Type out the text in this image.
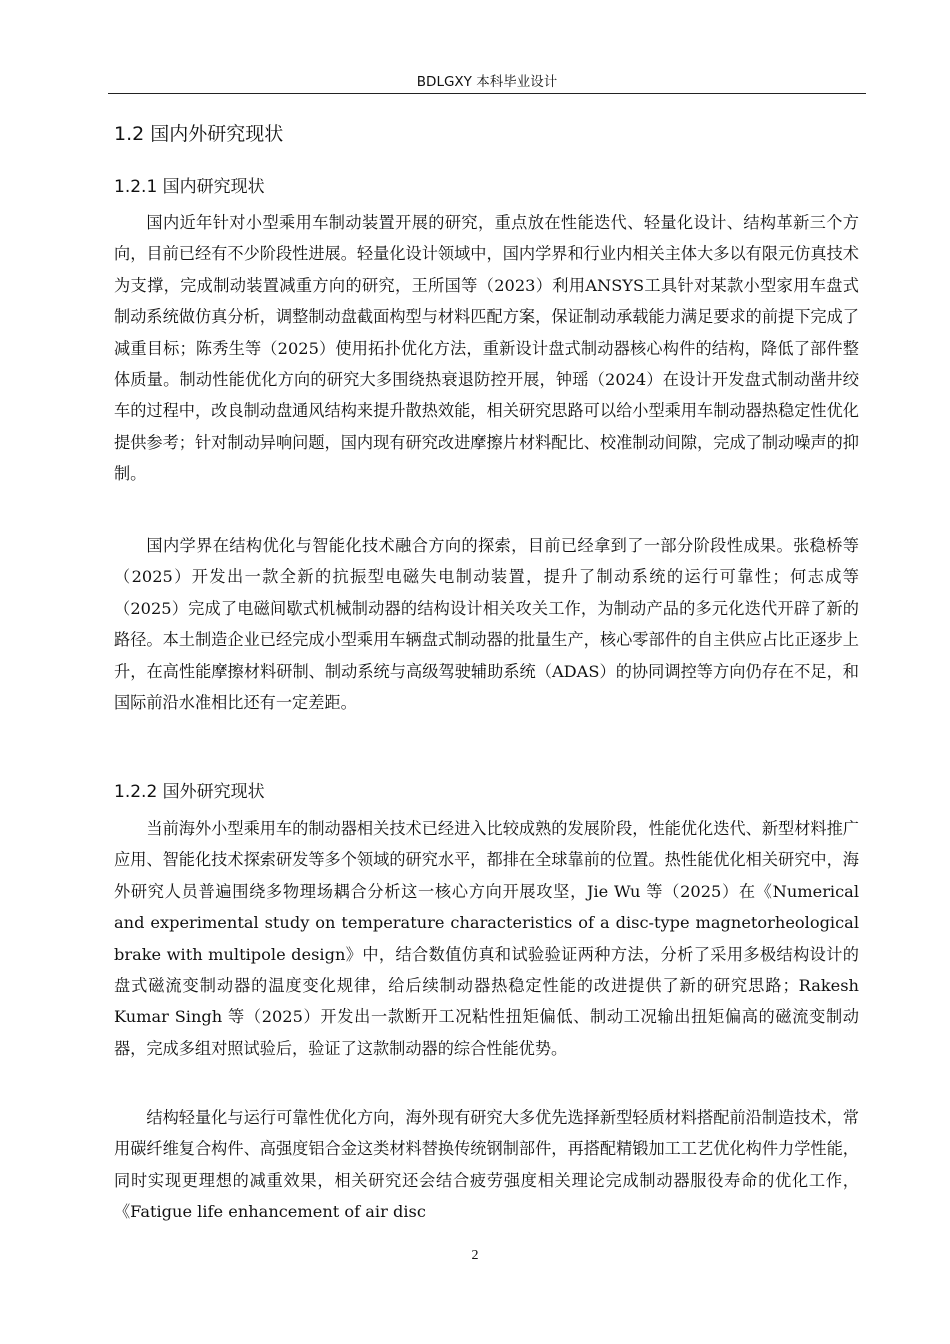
BDLGXY 本科毕业设计
1.2 国内外研究现状
1.2.1 国内研究现状

国内近年针对小型乘用车制动装置开展的研究，重点放在性能迭代、轻量化设计、结构革新三个方向，目前已经有不少阶段性进展。轻量化设计领域中，国内学界和行业内相关主体大多以有限元仿真技术为支撑，完成制动装置减重方向的研究，王所国等（2023）利用ANSYS工具针对某款小型家用车盘式制动系统做仿真分析，调整制动盘截面构型与材料匹配方案，保证制动承载能力满足要求的前提下完成了减重目标；陈秀生等（2025）使用拓扑优化方法，重新设计盘式制动器核心构件的结构，降低了部件整体质量。制动性能优化方向的研究大多围绕热衰退防控开展，钟瑶（2024）在设计开发盘式制动凿井绞车的过程中，改良制动盘通风结构来提升散热效能，相关研究思路可以给小型乘用车制动器热稳定性优化提供参考；针对制动异响问题，国内现有研究改进摩擦片材料配比、校准制动间隙，完成了制动噪声的抑制。

国内学界在结构优化与智能化技术融合方向的探索，目前已经拿到了一部分阶段性成果。张稳桥等（2025）开发出一款全新的抗振型电磁失电制动装置，提升了制动系统的运行可靠性；何志成等（2025）完成了电磁间歇式机械制动器的结构设计相关攻关工作，为制动产品的多元化迭代开辟了新的路径。本土制造企业已经完成小型乘用车辆盘式制动器的批量生产，核心零部件的自主供应占比正逐步上升，在高性能摩擦材料研制、制动系统与高级驾驶辅助系统（ADAS）的协同调控等方向仍存在不足，和国际前沿水准相比还有一定差距。

1.2.2 国外研究现状

当前海外小型乘用车的制动器相关技术已经进入比较成熟的发展阶段，性能优化迭代、新型材料推广应用、智能化技术探索研发等多个领域的研究水平，都排在全球靠前的位置。热性能优化相关研究中，海外研究人员普遍围绕多物理场耦合分析这一核心方向开展攻坚，Jie Wu 等（2025）在《Numerical and experimental study on temperature characteristics of a disc-type magnetorheological brake with multipole design》中，结合数值仿真和试验验证两种方法，分析了采用多极结构设计的盘式磁流变制动器的温度变化规律，给后续制动器热稳定性能的改进提供了新的研究思路；Rakesh Kumar Singh 等（2025）开发出一款断开工况粘性扭矩偏低、制动工况输出扭矩偏高的磁流变制动器，完成多组对照试验后，验证了这款制动器的综合性能优势。

结构轻量化与运行可靠性优化方向，海外现有研究大多优先选择新型轻质材料搭配前沿制造技术，常用碳纤维复合构件、高强度铝合金这类材料替换传统钢制部件，再搭配精锻加工工艺优化构件力学性能，同时实现更理想的减重效果，相关研究还会结合疲劳强度相关理论完成制动器服役寿命的优化工作，《Fatigue life enhancement of air disc

2
